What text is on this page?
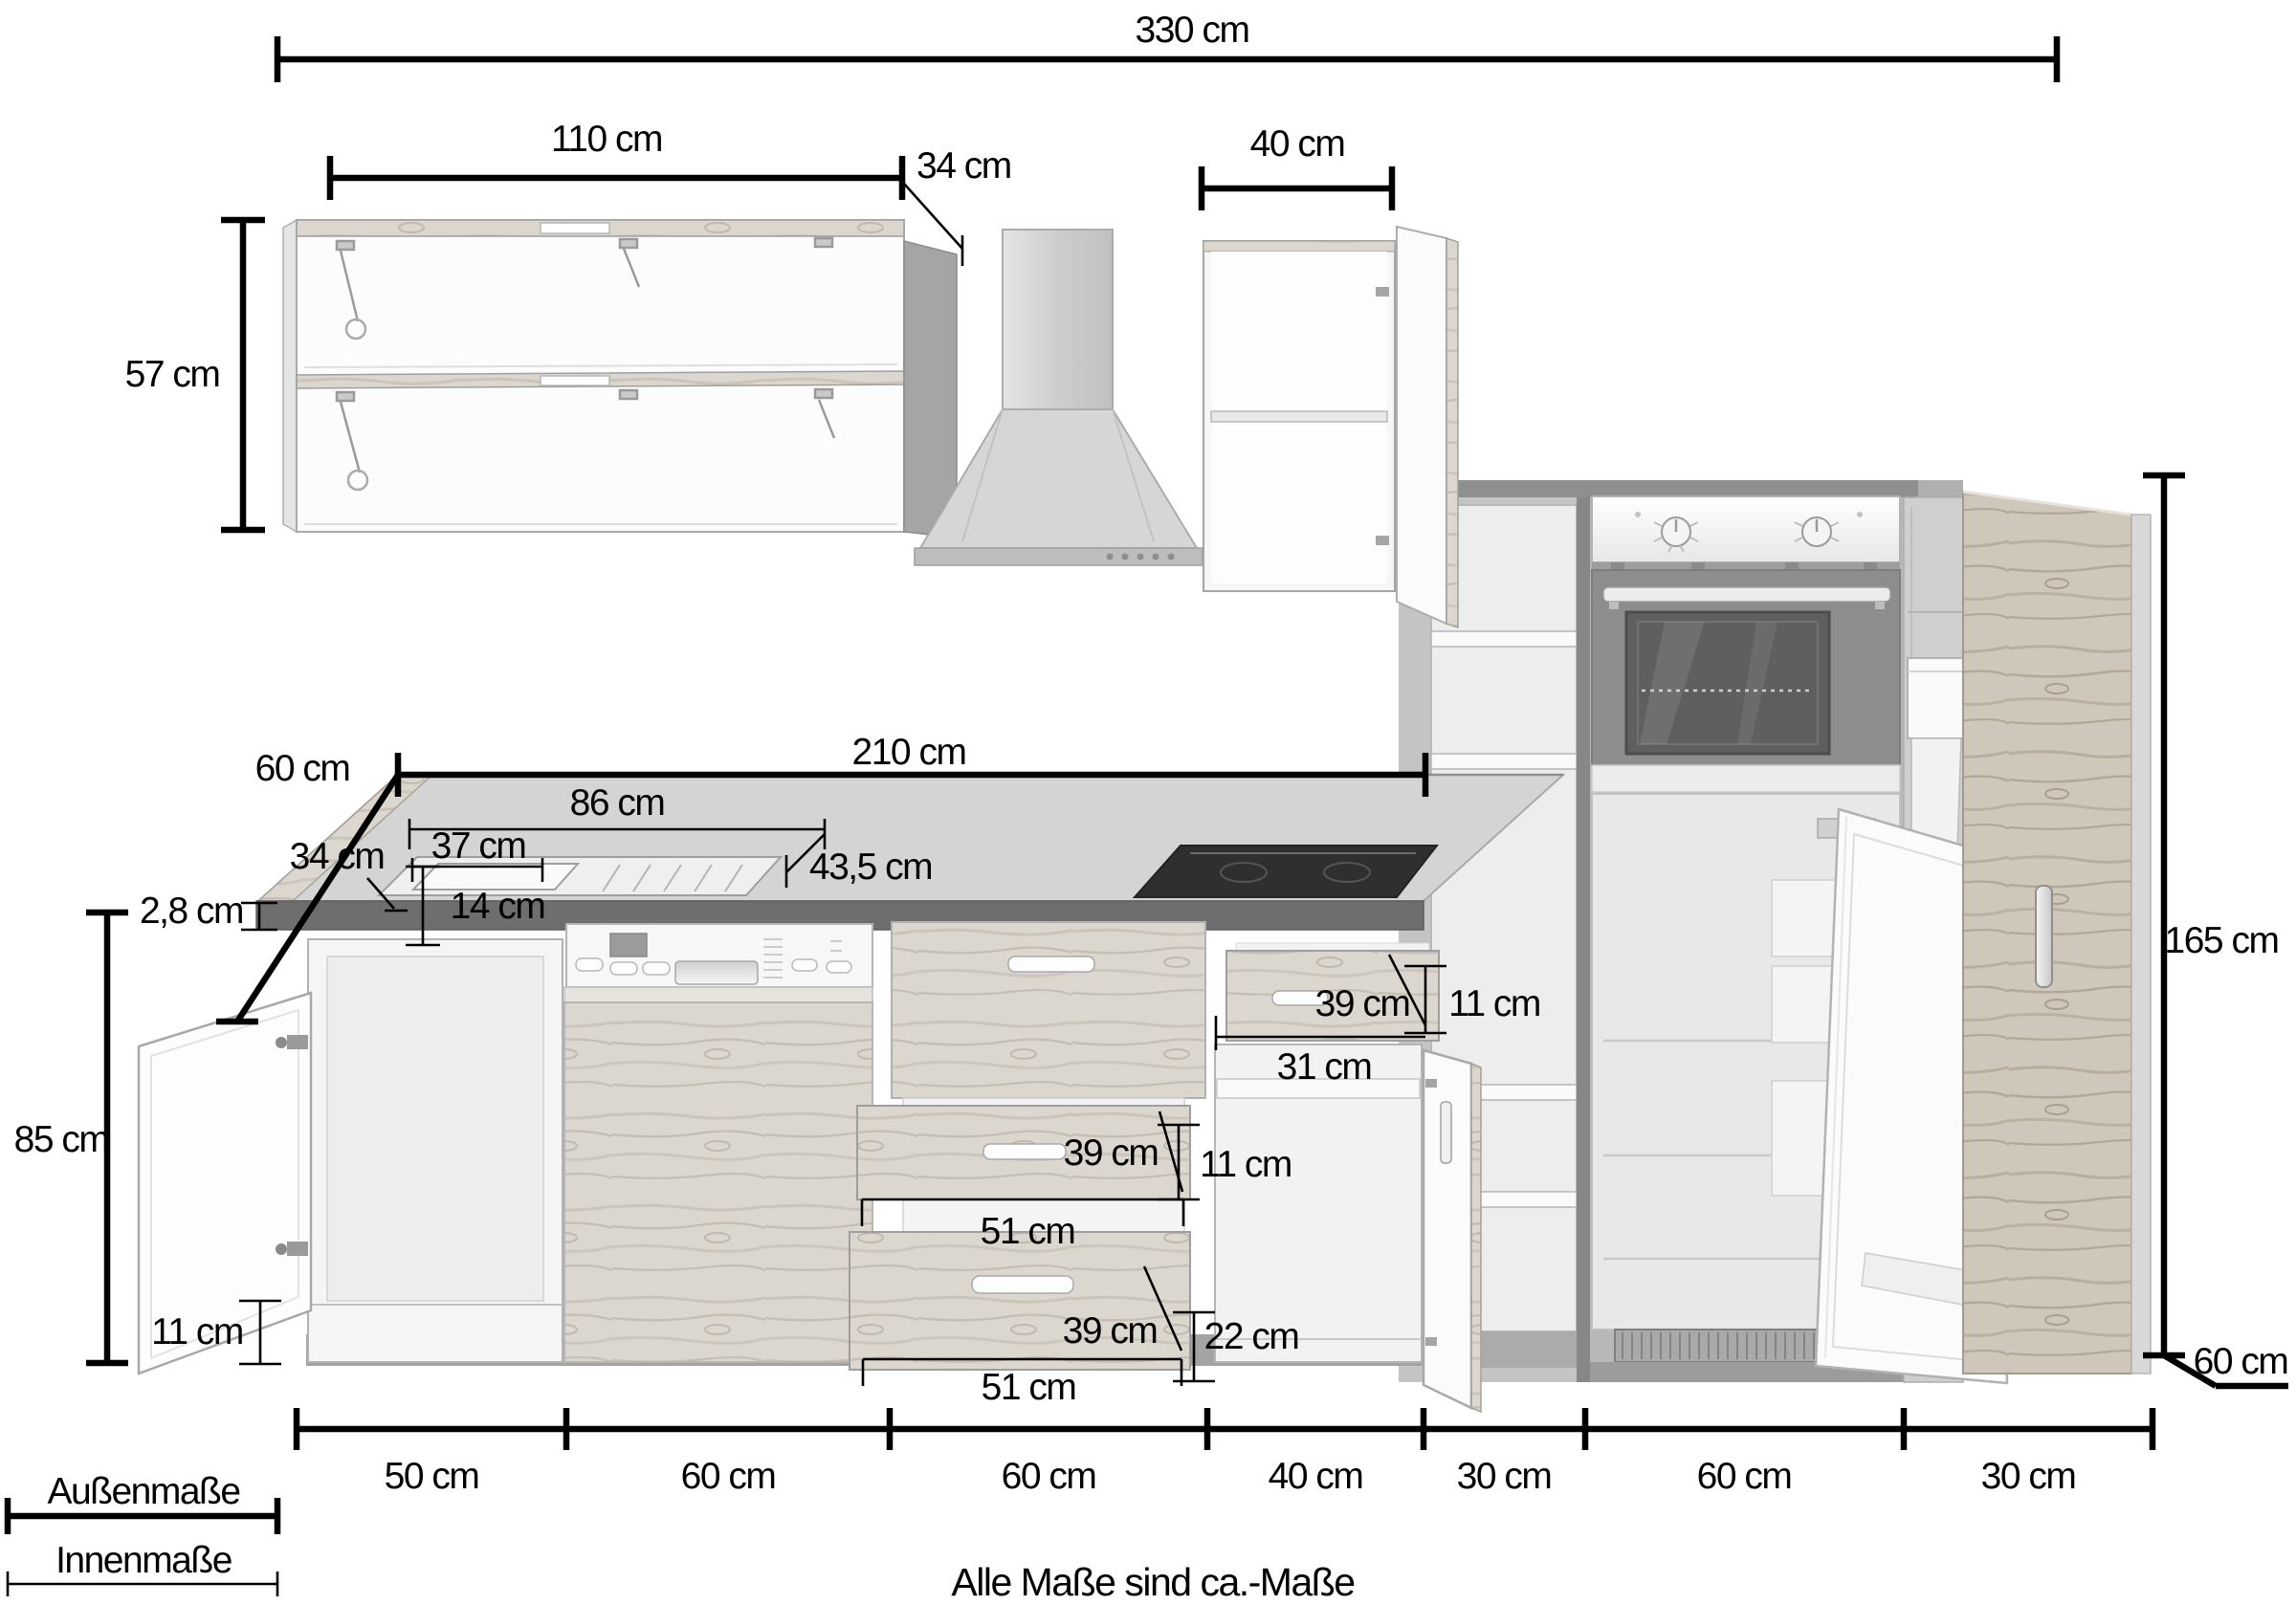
330 cm
110 cm
34 cm
40 cm
57 cm
210 cm
60 cm
86 cm
43,5 cm
37 cm
34 cm
14 cm
2,8 cm
85 cm
11 cm
39 cm 11 cm
31 cm
39 cm 11 cm
51 cm
39 cm 22 cm
51 cm
165 cm
60 cm
50 cm	60 cm	60 cm	40 cm	30 cm	60 cm	30 cm
Außenmaße
Innenmaße	Alle Maße sind ca.-Maße
